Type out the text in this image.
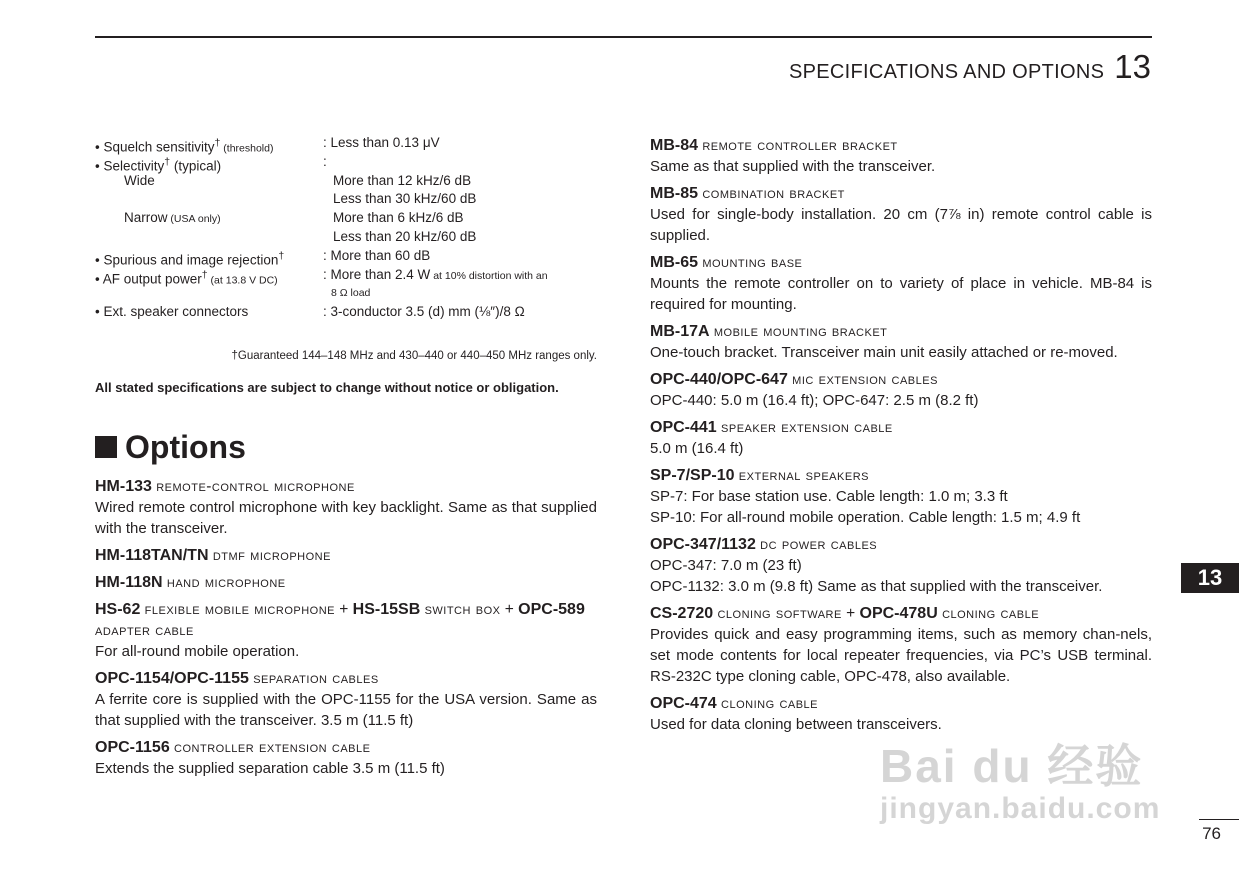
SPECIFICATIONS AND OPTIONS 13
• Squelch sensitivity† (threshold)	: Less than 0.13 μV
• Selectivity† (typical)	:
Wide	More than 12 kHz/6 dB
Less than 30 kHz/60 dB
Narrow (USA only)	More than 6 kHz/6 dB
Less than 20 kHz/60 dB
• Spurious and image rejection†	: More than 60 dB
• AF output power† (at 13.8 V DC)	: More than 2.4 W at 10% distortion with an
8 Ω load
• Ext. speaker connectors	: 3-conductor 3.5 (d) mm (⅛″)/8 Ω
†Guaranteed 144–148 MHz and 430–440 or 440–450 MHz ranges only.
All stated specifications are subject to change without notice or obligation.
Options
HM-133 remote-control microphone
Wired remote control microphone with key backlight. Same as that supplied with the transceiver.
HM-118TAN/TN dtmf microphone
HM-118N hand microphone
HS-62 flexible mobile microphone + HS-15SB switch box + OPC-589 adapter cable
For all-round mobile operation.
OPC-1154/OPC-1155 separation cables
A ferrite core is supplied with the OPC-1155 for the USA version. Same as that supplied with the transceiver. 3.5 m (11.5 ft)
OPC-1156 controller extension cable
Extends the supplied separation cable 3.5 m (11.5 ft)
MB-84 remote controller bracket
Same as that supplied with the transceiver.
MB-85 combination bracket
Used for single-body installation. 20 cm (7⅞ in) remote control cable is supplied.
MB-65 mounting base
Mounts the remote controller on to variety of place in vehicle. MB-84 is required for mounting.
MB-17A mobile mounting bracket
One-touch bracket. Transceiver main unit easily attached or re-moved.
OPC-440/OPC-647 mic extension cables
OPC-440: 5.0 m (16.4 ft); OPC-647: 2.5 m (8.2 ft)
OPC-441 speaker extension cable
5.0 m (16.4 ft)
SP-7/SP-10 external speakers
SP-7: For base station use. Cable length: 1.0 m; 3.3 ft
SP-10: For all-round mobile operation. Cable length: 1.5 m; 4.9 ft
OPC-347/1132 dc power cables
OPC-347: 7.0 m (23 ft)
OPC-1132: 3.0 m (9.8 ft) Same as that supplied with the transceiver.
CS-2720 cloning software + OPC-478U cloning cable
Provides quick and easy programming items, such as memory chan-nels, set mode contents for local repeater frequencies, via PC’s USB terminal. RS-232C type cloning cable, OPC-478, also available.
OPC-474 cloning cable
Used for data cloning between transceivers.
13
76
Bai du 经验
jingyan.baidu.com
